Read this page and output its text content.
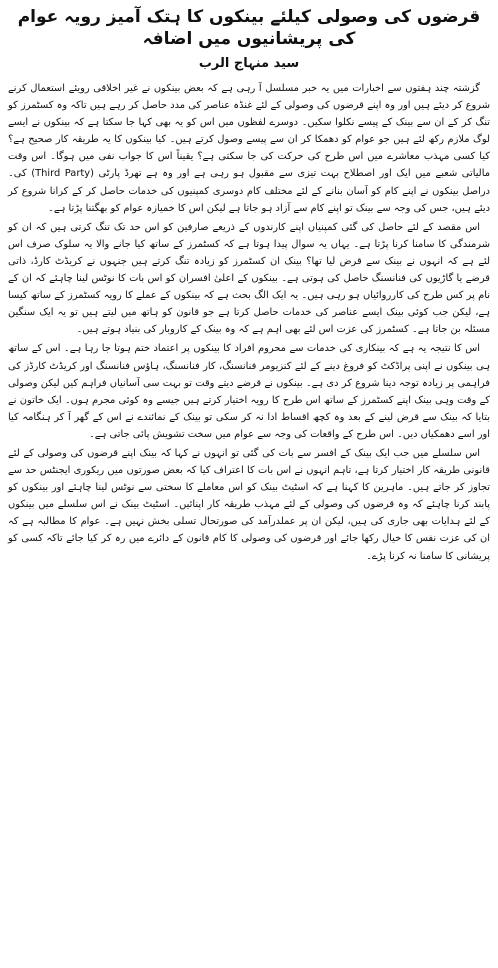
قرضوں کی وصولی کیلئے بینکوں کا ہتک آمیز رویہ عوام کی پریشانیوں میں اضافہ
سید منہاج الرب

گزشتہ چند ہفتوں سے اخبارات میں یہ خبر مسلسل آ رہی ہے کہ بعض بینکوں نے غیر اخلاقی رویئے استعمال کرنے شروع کر دیئے ہیں اور وہ اپنے قرضوں کی وصولی کے لئے غنڈہ عناصر کی مدد حاصل کر رہے ہیں تاکہ وہ کسٹمرز کو تنگ کر کے ان سے بینک کے پیسے نکلوا سکیں۔ دوسرے لفظوں میں اس کو یہ بھی کہا جا سکتا ہے کہ بینکوں نے ایسے لوگ ملازم رکھ لئے ہیں جو عوام کو دھمکا کر ان سے پیسے وصول کرتے ہیں۔ کیا بینکوں کا یہ طریقہ کار صحیح ہے؟ کیا کسی مہذب معاشرے میں اس طرح کی حرکت کی جا سکتی ہے؟ یقیناً اس کا جواب نفی میں ہوگا۔ اس وقت مالیاتی شعبے میں ایک اور اصطلاح بہت تیزی سے مقبول ہو رہی ہے اور وہ ہے تھرڈ پارٹی (Third Party) کی۔ دراصل بینکوں نے اپنے کام کو آسان بنانے کے لئے مختلف کام دوسری کمپنیوں کی خدمات حاصل کر کے کرانا شروع کر دیئے ہیں، جس کی وجہ سے بینک تو اپنے کام سے آزاد ہو جاتا ہے لیکن اس کا خمیازہ عوام کو بھگتنا پڑتا ہے۔

اس مقصد کے لئے حاصل کی گئی کمپنیاں اپنے کارندوں کے ذریعے صارفین کو اس حد تک تنگ کرتی ہیں کہ ان کو شرمندگی کا سامنا کرنا پڑتا ہے۔ یہاں یہ سوال پیدا ہوتا ہے کہ کسٹمرز کے ساتھ کیا جانے والا یہ سلوک صرف اس لئے ہے کہ انہوں نے بینک سے قرض لیا تھا؟ بینک ان کسٹمرز کو زیادہ تنگ کرتے ہیں جنہوں نے کریڈٹ کارڈ، ذاتی قرضے یا گاڑیوں کی فنانسنگ حاصل کی ہوتی ہے۔ بینکوں کے اعلیٰ افسران کو اس بات کا نوٹس لینا چاہئے کہ ان کے نام پر کس طرح کی کارروائیاں ہو رہی ہیں۔ یہ ایک الگ بحث ہے کہ بینکوں کے عملے کا رویہ کسٹمرز کے ساتھ کیسا ہے، لیکن جب کوئی بینک ایسے عناصر کی خدمات حاصل کرتا ہے جو قانون کو ہاتھ میں لیتے ہیں تو یہ ایک سنگین مسئلہ بن جاتا ہے۔ کسٹمرز کی عزت اس لئے بھی اہم ہے کہ وہ بینک کے کاروبار کی بنیاد ہوتے ہیں۔

اس کا نتیجہ یہ ہے کہ بینکاری کی خدمات سے محروم افراد کا بینکوں پر اعتماد ختم ہوتا جا رہا ہے۔ اس کے ساتھ ہی بینکوں نے اپنی پراڈکٹ کو فروغ دینے کے لئے کنزیومر فنانسنگ، کار فنانسنگ، ہاؤس فنانسنگ اور کریڈٹ کارڈز کی فراہمی پر زیادہ توجہ دینا شروع کر دی ہے۔ بینکوں نے قرضے دیتے وقت تو بہت سی آسانیاں فراہم کیں لیکن وصولی کے وقت وہی بینک اپنے کسٹمرز کے ساتھ اس طرح کا رویہ اختیار کرتے ہیں جیسے وہ کوئی مجرم ہوں۔ ایک خاتون نے بتایا کہ بینک سے قرض لینے کے بعد وہ کچھ اقساط ادا نہ کر سکی تو بینک کے نمائندے نے اس کے گھر آ کر ہنگامہ کیا اور اسے دھمکیاں دیں۔ اس طرح کے واقعات کی وجہ سے عوام میں سخت تشویش پائی جاتی ہے۔

اس سلسلے میں جب ایک بینک کے افسر سے بات کی گئی تو انہوں نے کہا کہ بینک اپنے قرضوں کی وصولی کے لئے قانونی طریقہ کار اختیار کرتا ہے، تاہم انہوں نے اس بات کا اعتراف کیا کہ بعض صورتوں میں ریکوری ایجنٹس حد سے تجاوز کر جاتے ہیں۔ ماہرین کا کہنا ہے کہ اسٹیٹ بینک کو اس معاملے کا سختی سے نوٹس لینا چاہئے اور بینکوں کو پابند کرنا چاہئے کہ وہ قرضوں کی وصولی کے لئے مہذب طریقہ کار اپنائیں۔ اسٹیٹ بینک نے اس سلسلے میں بینکوں کے لئے ہدایات بھی جاری کی ہیں، لیکن ان پر عملدرآمد کی صورتحال تسلی بخش نہیں ہے۔ عوام کا مطالبہ ہے کہ ان کی عزت نفس کا خیال رکھا جائے اور قرضوں کی وصولی کا کام قانون کے دائرے میں رہ کر کیا جائے تاکہ کسی کو پریشانی کا سامنا نہ کرنا پڑے۔
